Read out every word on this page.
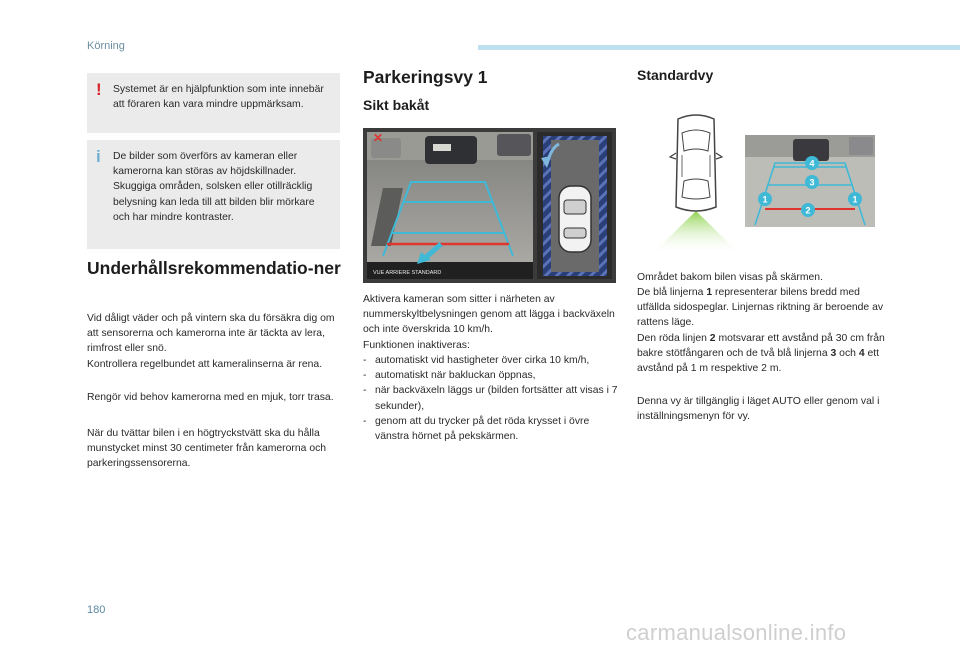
Körning
! Systemet är en hjälpfunktion som inte innebär att föraren kan vara mindre uppmärksam.
i De bilder som överförs av kameran eller kamerorna kan störas av höjdskillnader. Skuggiga områden, solsken eller otillräcklig belysning kan leda till att bilden blir mörkare och har mindre kontraster.
Underhållsrekommendatio-ner

Vid dåligt väder och på vintern ska du försäkra dig om att sensorerna och kamerorna inte är täckta av lera, rimfrost eller snö.

Kontrollera regelbundet att kameralinserna är rena.

Rengör vid behov kamerorna med en mjuk, torr trasa.

När du tvättar bilen i en högtryckstvätt ska du hålla munstycket minst 30 centimeter från kamerorna och parkeringssensorerna.

Parkeringsvy 1
Sikt bakåt
✕
VUE ARRIERE STANDARD

Aktivera kameran som sitter i närheten av nummerskyltbelysningen genom att lägga i backväxeln och inte överskrida 10 km/h.

Funktionen inaktiveras:

- automatiskt vid hastigheter över cirka 10 km/h,
- automatiskt när bakluckan öppnas,
- när backväxeln läggs ur (bilden fortsätter att visas i 7 sekunder),
- genom att du trycker på det röda krysset i övre vänstra hörnet på pekskärmen.
Standardvy
1
2
1
3
4

Området bakom bilen visas på skärmen.

De blå linjerna 1 representerar bilens bredd med utfällda sidospeglar. Linjernas riktning är beroende av rattens läge.

Den röda linjen 2 motsvarar ett avstånd på 30 cm från bakre stötfångaren och de två blå linjerna 3 och 4 ett avstånd på 1 m respektive 2 m.

Denna vy är tillgänglig i läget AUTO eller genom val i inställningsmenyn för vy.

180
carmanualsonline.info
